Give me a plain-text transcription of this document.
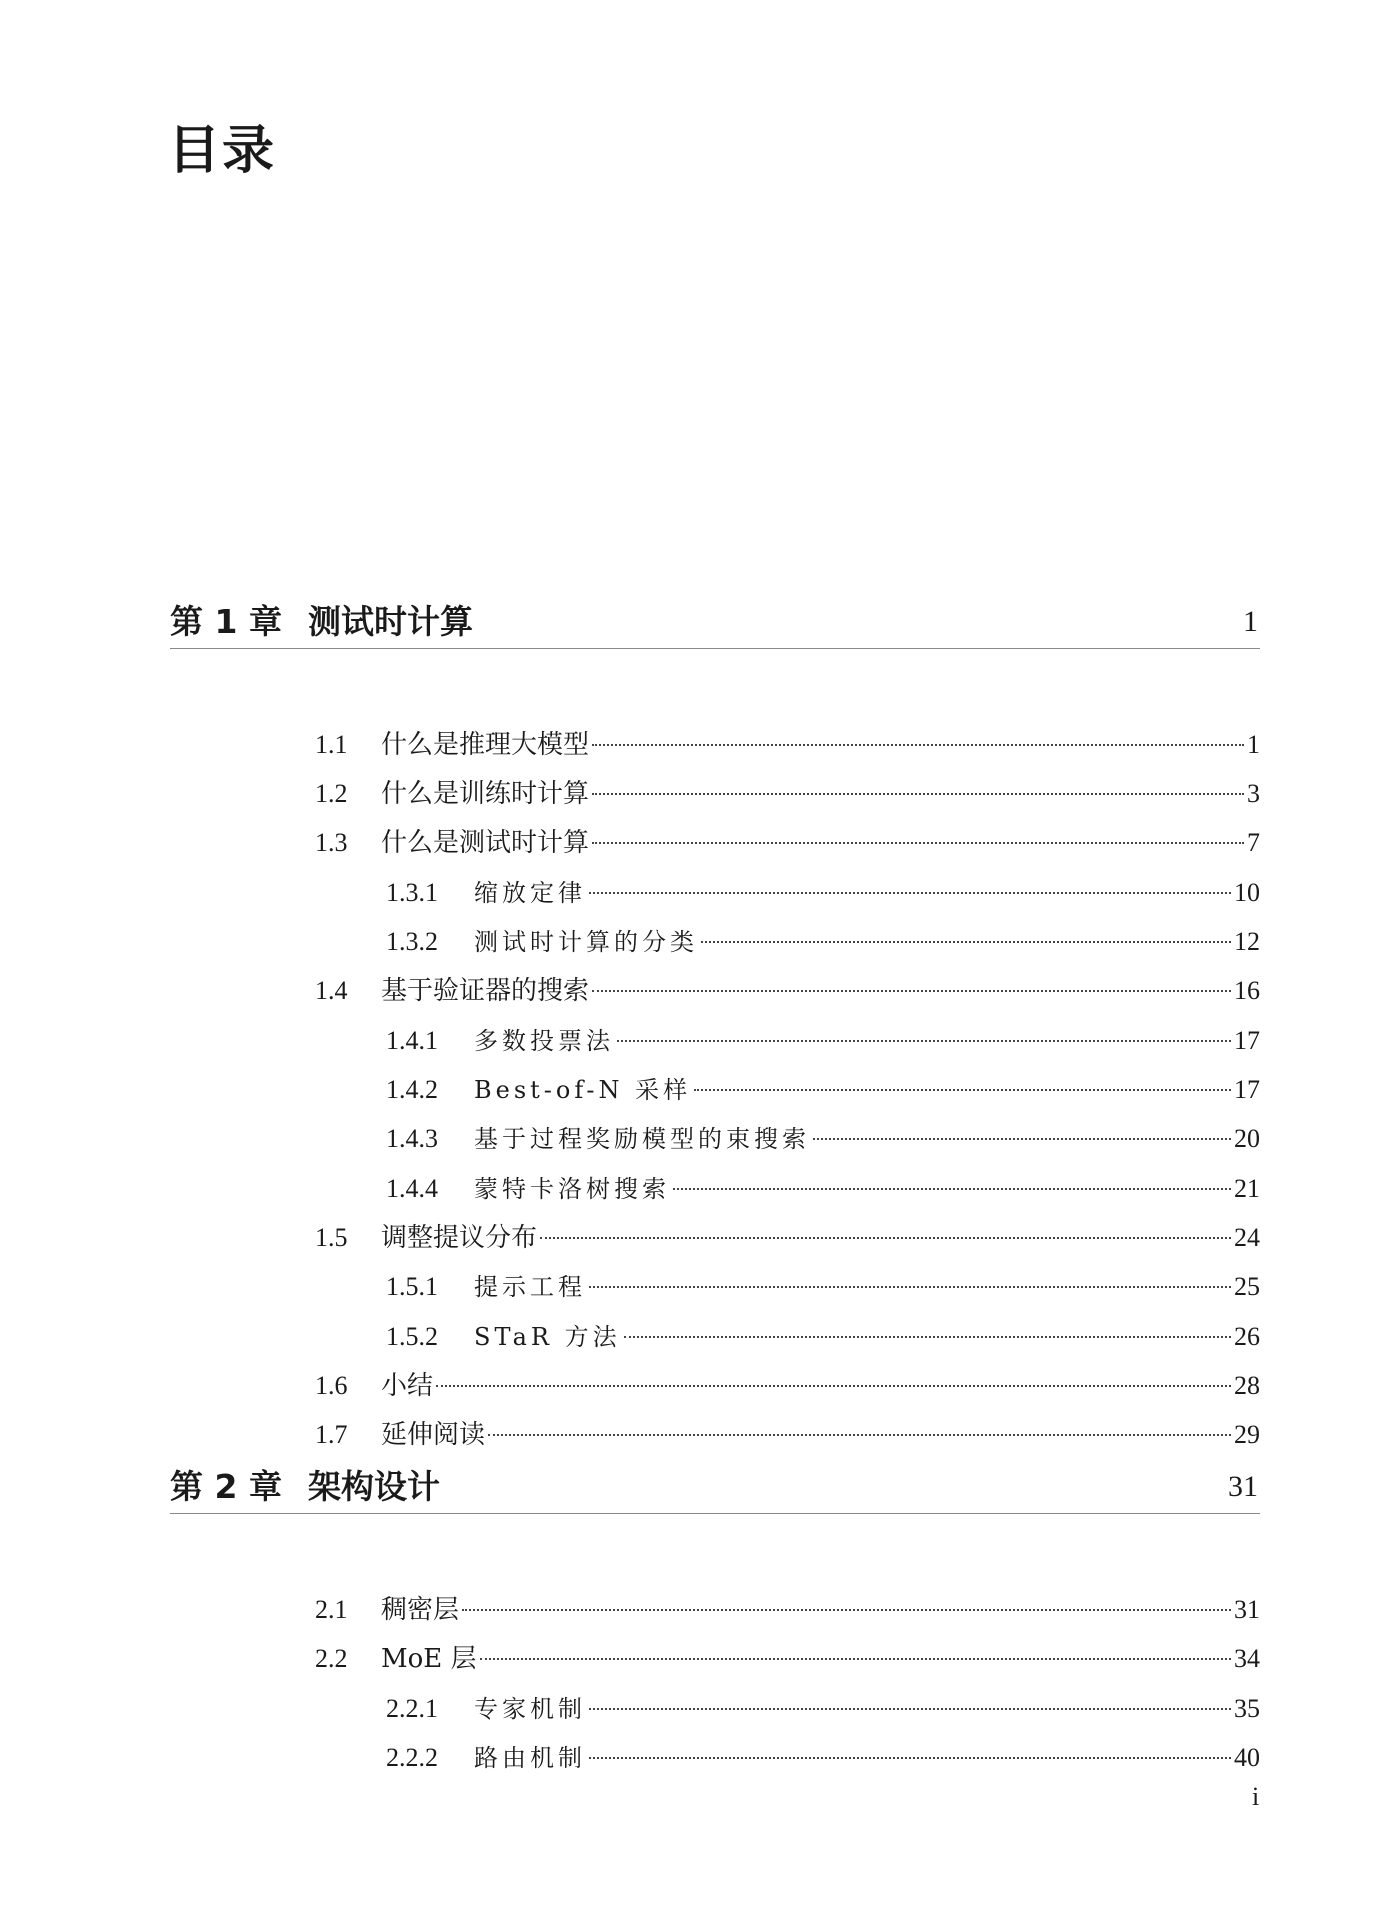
目录
第 1 章 测试时计算	1
1.1	什么是推理大模型	1
1.2	什么是训练时计算	3
1.3	什么是测试时计算	7
1.3.1	缩放定律	10
1.3.2	测试时计算的分类	12
1.4	基于验证器的搜索	16
1.4.1	多数投票法	17
1.4.2	Best-of-N 采样	17
1.4.3	基于过程奖励模型的束搜索	20
1.4.4	蒙特卡洛树搜索	21
1.5	调整提议分布	24
1.5.1	提示工程	25
1.5.2	STaR 方法	26
1.6	小结	28
1.7	延伸阅读	29
第 2 章 架构设计	31
2.1	稠密层	31
2.2	MoE 层	34
2.2.1	专家机制	35
2.2.2	路由机制	40
i
